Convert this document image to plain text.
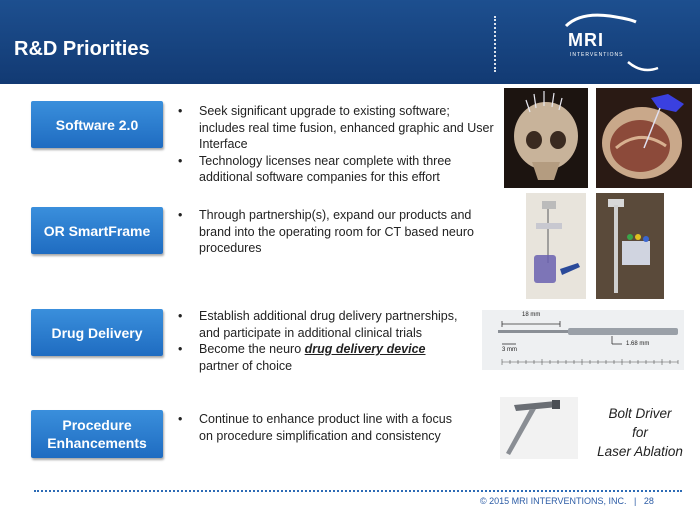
R&D Priorities	MRI
INTERVENTIONS
Software 2.0
• Seek significant upgrade to existing software; includes real time fusion, enhanced graphic and User Interface
• Technology licenses near complete with three additional software companies for this effort
OR SmartFrame
• Through partnership(s), expand our products and brand into the operating room for CT based neuro procedures
Drug Delivery
• Establish additional drug delivery partnerships, and participate in additional clinical trials
• Become the neuro drug delivery device partner of choice
18 mm
1.68 mm
3 mm
Procedure Enhancements
• Continue to enhance product line with a focus on procedure simplification and consistency
Bolt Driver
for
Laser Ablation
© 2015 MRI INTERVENTIONS, INC. | 28
